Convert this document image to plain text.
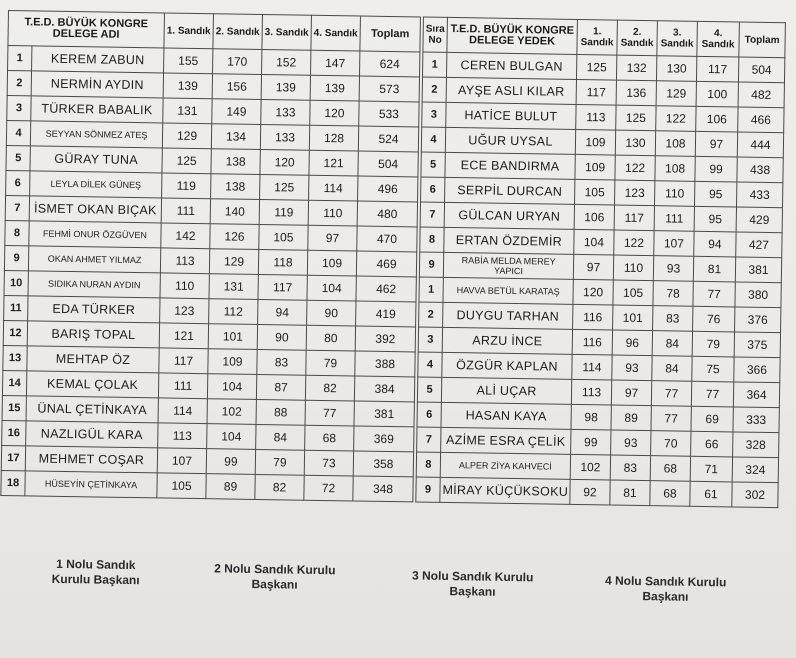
T.E.D. BÜYÜK KONGRE DELEGE ADI		1. Sandık	2. Sandık	3. Sandık	4. Sandık	Toplam
1	KEREM ZABUN	155	170	152	147	624
2	NERMİN AYDIN	139	156	139	139	573
3	TÜRKER BABALIK	131	149	133	120	533
4	SEYYAN SÖNMEZ ATEŞ	129	134	133	128	524
5	GÜRAY TUNA	125	138	120	121	504
6	LEYLA DİLEK GÜNEŞ	119	138	125	114	496
7	İSMET OKAN BIÇAK	111	140	119	110	480
8	FEHMİ ONUR ÖZGÜVEN	142	126	105	97	470
9	OKAN AHMET YILMAZ	113	129	118	109	469
10	SIDIKA NURAN AYDIN	110	131	117	104	462
11	EDA TÜRKER	123	112	94	90	419
12	BARIŞ TOPAL	121	101	90	80	392
13	MEHTAP ÖZ	117	109	83	79	388
14	KEMAL ÇOLAK	111	104	87	82	384
15	ÜNAL ÇETİNKAYA	114	102	88	77	381
16	NAZLIGÜL KARA	113	104	84	68	369
17	MEHMET COŞAR	107	99	79	73	358
18	HÜSEYİN ÇETİNKAYA	105	89	82	72	348
Sıra No	T.E.D. BÜYÜK KONGRE DELEGE YEDEK	1. Sandık	2. Sandık	3. Sandık	4. Sandık	Toplam
1	CEREN BULGAN	125	132	130	117	504
2	AYŞE ASLI KILAR	117	136	129	100	482
3	HATİCE BULUT	113	125	122	106	466
4	UĞUR UYSAL	109	130	108	97	444
5	ECE BANDIRMA	109	122	108	99	438
6	SERPİL DURCAN	105	123	110	95	433
7	GÜLCAN URYAN	106	117	111	95	429
8	ERTAN ÖZDEMİR	104	122	107	94	427
9	RABİA MELDA MEREY YAPICI	97	110	93	81	381
1	HAVVA BETÜL KARATAŞ	120	105	78	77	380
2	DUYGU TARHAN	116	101	83	76	376
3	ARZU İNCE	116	96	84	79	375
4	ÖZGÜR KAPLAN	114	93	84	75	366
5	ALİ UÇAR	113	97	77	77	364
6	HASAN KAYA	98	89	77	69	333
7	AZİME ESRA ÇELİK	99	93	70	66	328
8	ALPER ZİYA KAHVECİ	102	83	68	71	324
9	MİRAY KÜÇÜKSOKU	92	81	68	61	302
1 Nolu Sandık
Kurulu Başkanı
2 Nolu Sandık Kurulu
Başkanı	3 Nolu Sandık Kurulu
Başkanı
4 Nolu Sandık Kurulu
Başkanı
